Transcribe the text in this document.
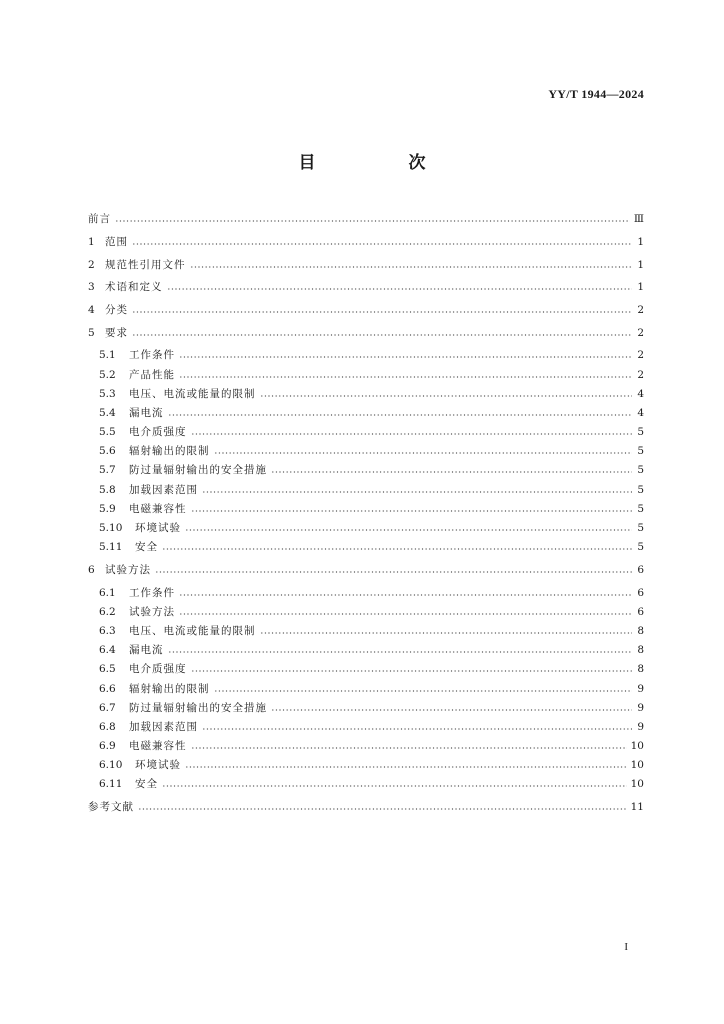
YY/T 1944—2024
目　次
前言	Ⅲ
1 范围	1
2 规范性引用文件	1
3 术语和定义	1
4 分类	2
5 要求	2
5.1	工作条件	2
5.2	产品性能	2
5.3	电压、电流或能量的限制	4
5.4	漏电流	4
5.5	电介质强度	5
5.6	辐射输出的限制	5
5.7	防过量辐射输出的安全措施	5
5.8	加载因素范围	5
5.9	电磁兼容性	5
5.10	环境试验	5
5.11	安全	5
6 试验方法	6
6.1	工作条件	6
6.2	试验方法	6
6.3	电压、电流或能量的限制	8
6.4	漏电流	8
6.5	电介质强度	8
6.6	辐射输出的限制	9
6.7	防过量辐射输出的安全措施	9
6.8	加载因素范围	9
6.9	电磁兼容性	10
6.10	环境试验	10
6.11	安全	10
参考文献	11
I
